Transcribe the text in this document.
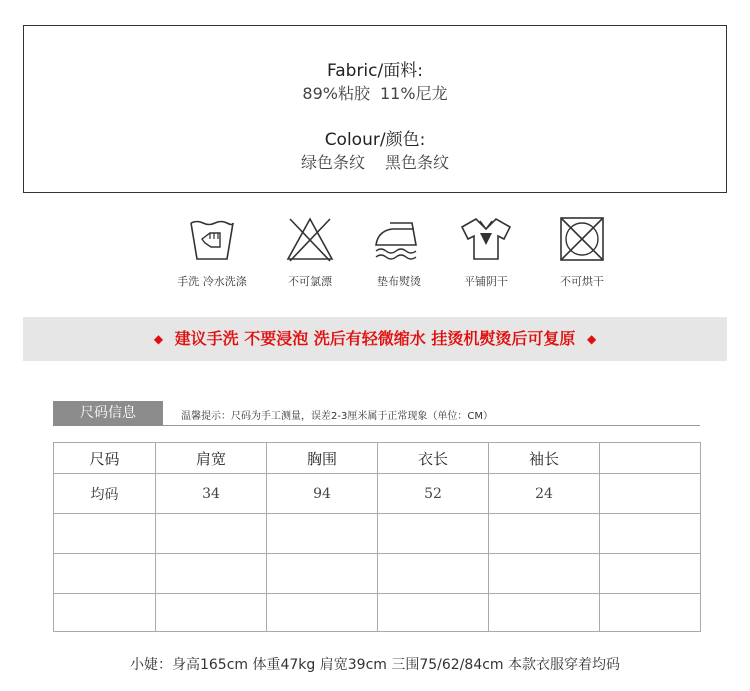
Fabric/面料:
89%粘胶 11%尼龙
Colour/颜色:
绿色条纹 黑色条纹
手洗 冷水洗涤	不可氯漂	垫布熨烫	平铺阴干	不可烘干
◆ 建议手洗 不要浸泡 洗后有轻微缩水 挂烫机熨烫后可复原 ◆
尺码信息	温馨提示：尺码为手工测量，误差2-3厘米属于正常现象（单位：CM）
尺码	肩宽	胸围	衣长	袖长	
均码	34	94	52	24	

小婕：身高165cm 体重47kg 肩宽39cm 三围75/62/84cm 本款衣服穿着均码
